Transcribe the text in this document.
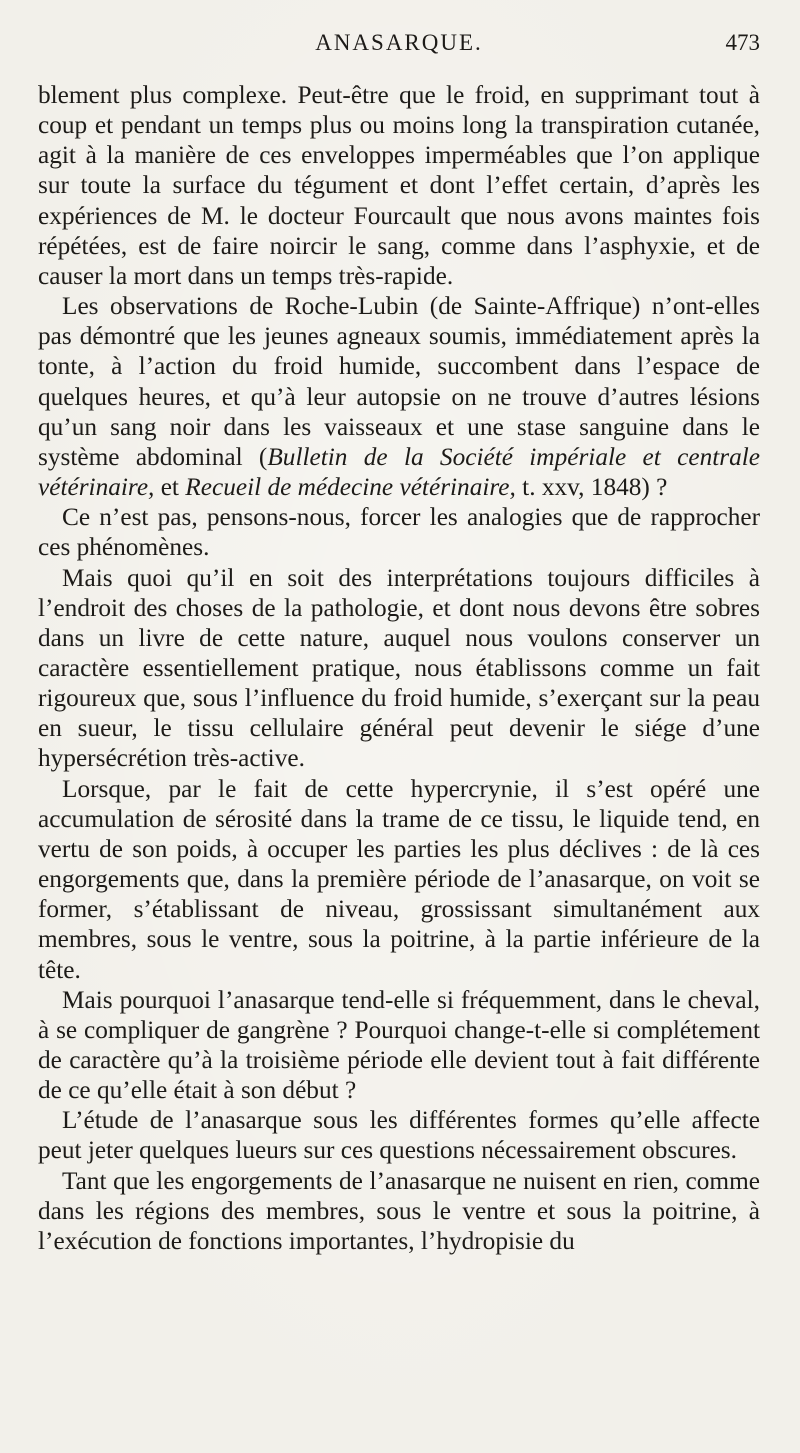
ANASARQUE.	473

blement plus complexe. Peut-être que le froid, en supprimant tout à coup et pendant un temps plus ou moins long la transpiration cutanée, agit à la manière de ces enveloppes imperméables que l’on applique sur toute la surface du tégument et dont l’effet certain, d’après les expériences de M. le docteur Fourcault que nous avons maintes fois répétées, est de faire noircir le sang, comme dans l’asphyxie, et de causer la mort dans un temps très-rapide.

Les observations de Roche-Lubin (de Sainte-Affrique) n’ont-elles pas démontré que les jeunes agneaux soumis, immédiatement après la tonte, à l’action du froid humide, succombent dans l’espace de quelques heures, et qu’à leur autopsie on ne trouve d’autres lésions qu’un sang noir dans les vaisseaux et une stase sanguine dans le système abdominal (Bulletin de la Société impériale et centrale vétérinaire, et Recueil de médecine vétérinaire, t. xxv, 1848) ?

Ce n’est pas, pensons-nous, forcer les analogies que de rapprocher ces phénomènes.

Mais quoi qu’il en soit des interprétations toujours difficiles à l’endroit des choses de la pathologie, et dont nous devons être sobres dans un livre de cette nature, auquel nous voulons conserver un caractère essentiellement pratique, nous établissons comme un fait rigoureux que, sous l’influence du froid humide, s’exerçant sur la peau en sueur, le tissu cellulaire général peut devenir le siége d’une hypersécrétion très-active.

Lorsque, par le fait de cette hypercrynie, il s’est opéré une accumulation de sérosité dans la trame de ce tissu, le liquide tend, en vertu de son poids, à occuper les parties les plus déclives : de là ces engorgements que, dans la première période de l’anasarque, on voit se former, s’établissant de niveau, grossissant simultanément aux membres, sous le ventre, sous la poitrine, à la partie inférieure de la tête.

Mais pourquoi l’anasarque tend-elle si fréquemment, dans le cheval, à se compliquer de gangrène ? Pourquoi change-t-elle si complétement de caractère qu’à la troisième période elle devient tout à fait différente de ce qu’elle était à son début ?

L’étude de l’anasarque sous les différentes formes qu’elle affecte peut jeter quelques lueurs sur ces questions nécessairement obscures.

Tant que les engorgements de l’anasarque ne nuisent en rien, comme dans les régions des membres, sous le ventre et sous la poitrine, à l’exécution de fonctions importantes, l’hydropisie du
